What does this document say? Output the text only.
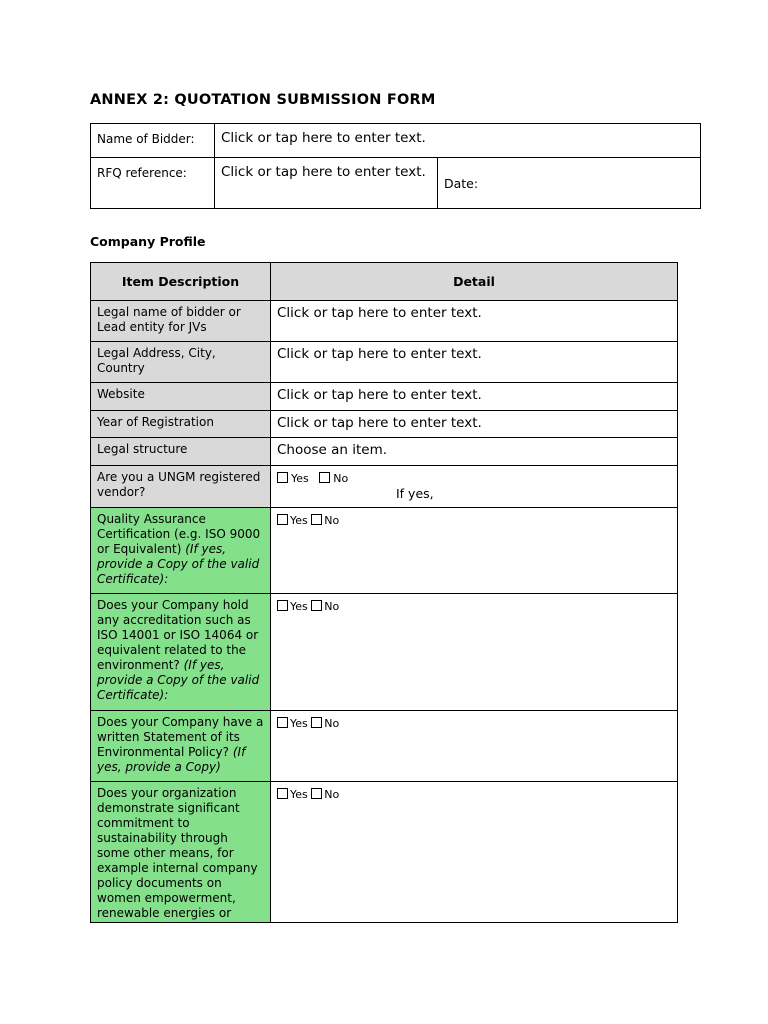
ANNEX 2: QUOTATION SUBMISSION FORM
Name of Bidder:	Click or tap here to enter text.	
RFQ reference:	Click or tap here to enter text.	Date:
Company Profile
Item Description	Detail
Legal name of bidder or Lead entity for JVs	Click or tap here to enter text.
Legal Address, City, Country	Click or tap here to enter text.
Website	Click or tap here to enter text.
Year of Registration	Click or tap here to enter text.
Legal structure	Choose an item.
Are you a UNGM registered vendor?	Yes No
If yes,

Quality Assurance Certification (e.g. ISO 9000 or Equivalent) (If yes, provide a Copy of the valid Certificate):	Yes No
Does your Company hold any accreditation such as ISO 14001 or ISO 14064 or equivalent related to the environment? (If yes, provide a Copy of the valid Certificate):	Yes No
Does your Company have a written Statement of its Environmental Policy? (If yes, provide a Copy)	Yes No
Does your organization demonstrate significant commitment to sustainability through some other means, for example internal company policy documents on women empowerment, renewable energies or	Yes No
